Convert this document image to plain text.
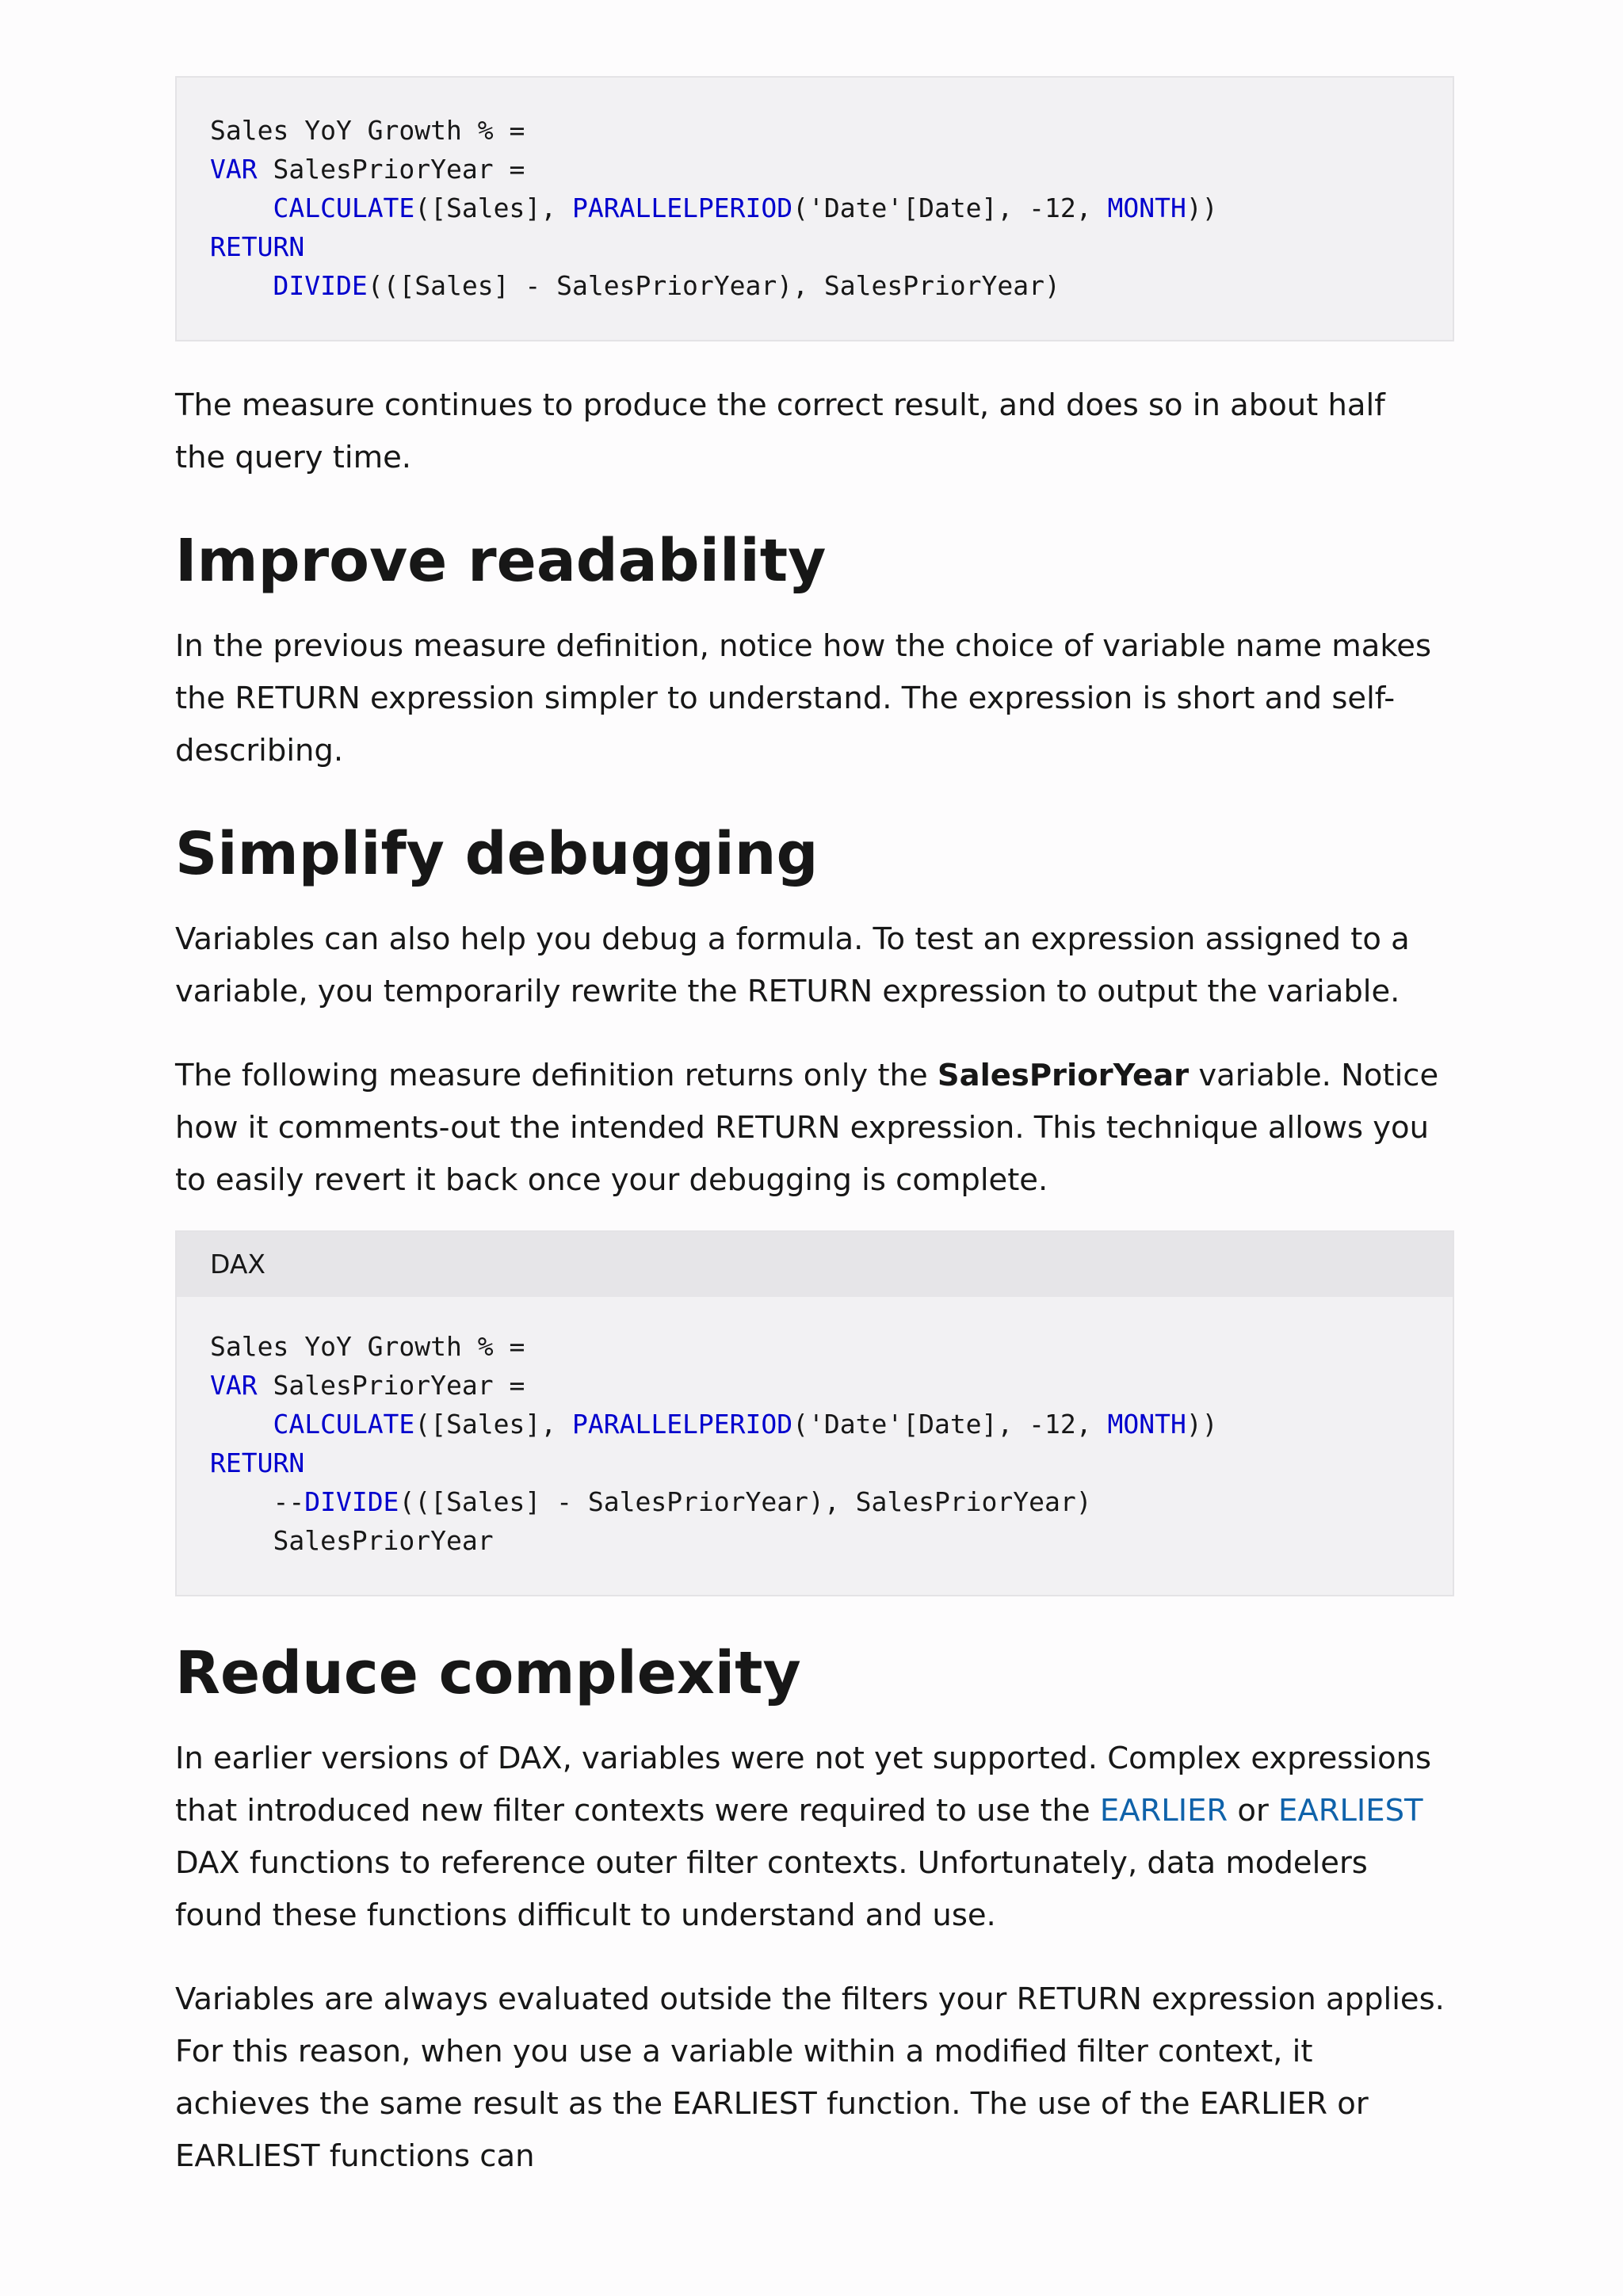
Sales YoY Growth % =
VAR SalesPriorYear =
CALCULATE([Sales], PARALLELPERIOD('Date'[Date], -12, MONTH))
RETURN
DIVIDE(([Sales] - SalesPriorYear), SalesPriorYear)

The measure continues to produce the correct result, and does so in about half the query time.

Improve readability

In the previous measure definition, notice how the choice of variable name makes the RETURN expression simpler to understand. The expression is short and self-describing.

Simplify debugging

Variables can also help you debug a formula. To test an expression assigned to a variable, you temporarily rewrite the RETURN expression to output the variable.

The following measure definition returns only the SalesPriorYear variable. Notice how it comments-out the intended RETURN expression. This technique allows you to easily revert it back once your debugging is complete.

DAX
Sales YoY Growth % =
VAR SalesPriorYear =
CALCULATE([Sales], PARALLELPERIOD('Date'[Date], -12, MONTH))
RETURN
--DIVIDE(([Sales] - SalesPriorYear), SalesPriorYear)
SalesPriorYear
Reduce complexity

In earlier versions of DAX, variables were not yet supported. Complex expressions that introduced new filter contexts were required to use the EARLIER or EARLIEST DAX functions to reference outer filter contexts. Unfortunately, data modelers found these functions difficult to understand and use.

Variables are always evaluated outside the filters your RETURN expression applies. For this reason, when you use a variable within a modified filter context, it achieves the same result as the EARLIEST function. The use of the EARLIER or EARLIEST functions can
